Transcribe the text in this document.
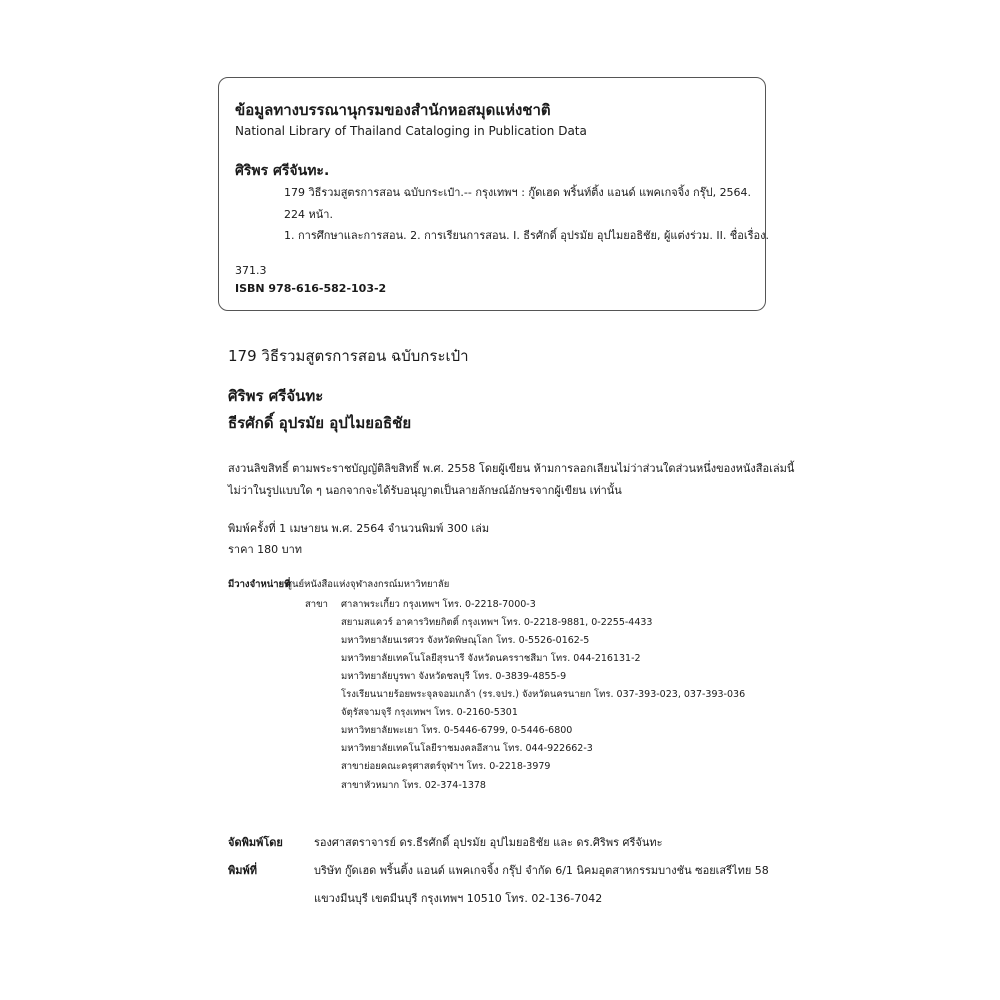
ข้อมูลทางบรรณานุกรมของสำนักหอสมุดแห่งชาติ
National Library of Thailand Cataloging in Publication Data
ศิริพร ศรีจันทะ.
179 วิธีรวมสูตรการสอน ฉบับกระเป๋า.-- กรุงเทพฯ : กู๊ดเฮด พริ้นท์ติ้ง แอนด์ แพคเกจจิ้ง กรุ๊ป, 2564.
224 หน้า.
1. การศึกษาและการสอน. 2. การเรียนการสอน. I. ธีรศักดิ์ อุปรมัย อุปไมยอธิชัย, ผู้แต่งร่วม. II. ชื่อเรื่อง.
371.3
ISBN 978-616-582-103-2
179 วิธีรวมสูตรการสอน ฉบับกระเป๋า
ศิริพร ศรีจันทะ
ธีรศักดิ์ อุปรมัย อุปไมยอธิชัย
สงวนลิขสิทธิ์ ตามพระราชบัญญัติลิขสิทธิ์ พ.ศ. 2558 โดยผู้เขียน ห้ามการลอกเลียนไม่ว่าส่วนใดส่วนหนึ่งของหนังสือเล่มนี้
ไม่ว่าในรูปแบบใด ๆ นอกจากจะได้รับอนุญาตเป็นลายลักษณ์อักษรจากผู้เขียน เท่านั้น
พิมพ์ครั้งที่ 1 เมษายน พ.ศ. 2564 จำนวนพิมพ์ 300 เล่ม
ราคา 180 บาท
มีวางจำหน่ายที่
ศูนย์หนังสือแห่งจุฬาลงกรณ์มหาวิทยาลัย
สาขา ศาลาพระเกี้ยว กรุงเทพฯ โทร. 0-2218-7000-3
สยามสแควร์ อาคารวิทยกิตติ์ กรุงเทพฯ โทร. 0-2218-9881, 0-2255-4433
มหาวิทยาลัยนเรศวร จังหวัดพิษณุโลก โทร. 0-5526-0162-5
มหาวิทยาลัยเทคโนโลยีสุรนารี จังหวัดนครราชสีมา โทร. 044-216131-2
มหาวิทยาลัยบูรพา จังหวัดชลบุรี โทร. 0-3839-4855-9
โรงเรียนนายร้อยพระจุลจอมเกล้า (รร.จปร.) จังหวัดนครนายก โทร. 037-393-023, 037-393-036
จัตุรัสจามจุรี กรุงเทพฯ โทร. 0-2160-5301
มหาวิทยาลัยพะเยา โทร. 0-5446-6799, 0-5446-6800
มหาวิทยาลัยเทคโนโลยีราชมงคลอีสาน โทร. 044-922662-3
สาขาย่อยคณะครุศาสตร์จุฬาฯ โทร. 0-2218-3979
สาขาหัวหมาก โทร. 02-374-1378
จัดพิมพ์โดย	รองศาสตราจารย์ ดร.ธีรศักดิ์ อุปรมัย อุปไมยอธิชัย และ ดร.ศิริพร ศรีจันทะ
พิมพ์ที่	บริษัท กู๊ดเฮด พริ้นติ้ง แอนด์ แพคเกจจิ้ง กรุ๊ป จำกัด 6/1 นิคมอุตสาหกรรมบางชัน ซอยเสรีไทย 58
แขวงมีนบุรี เขตมีนบุรี กรุงเทพฯ 10510 โทร. 02-136-7042
